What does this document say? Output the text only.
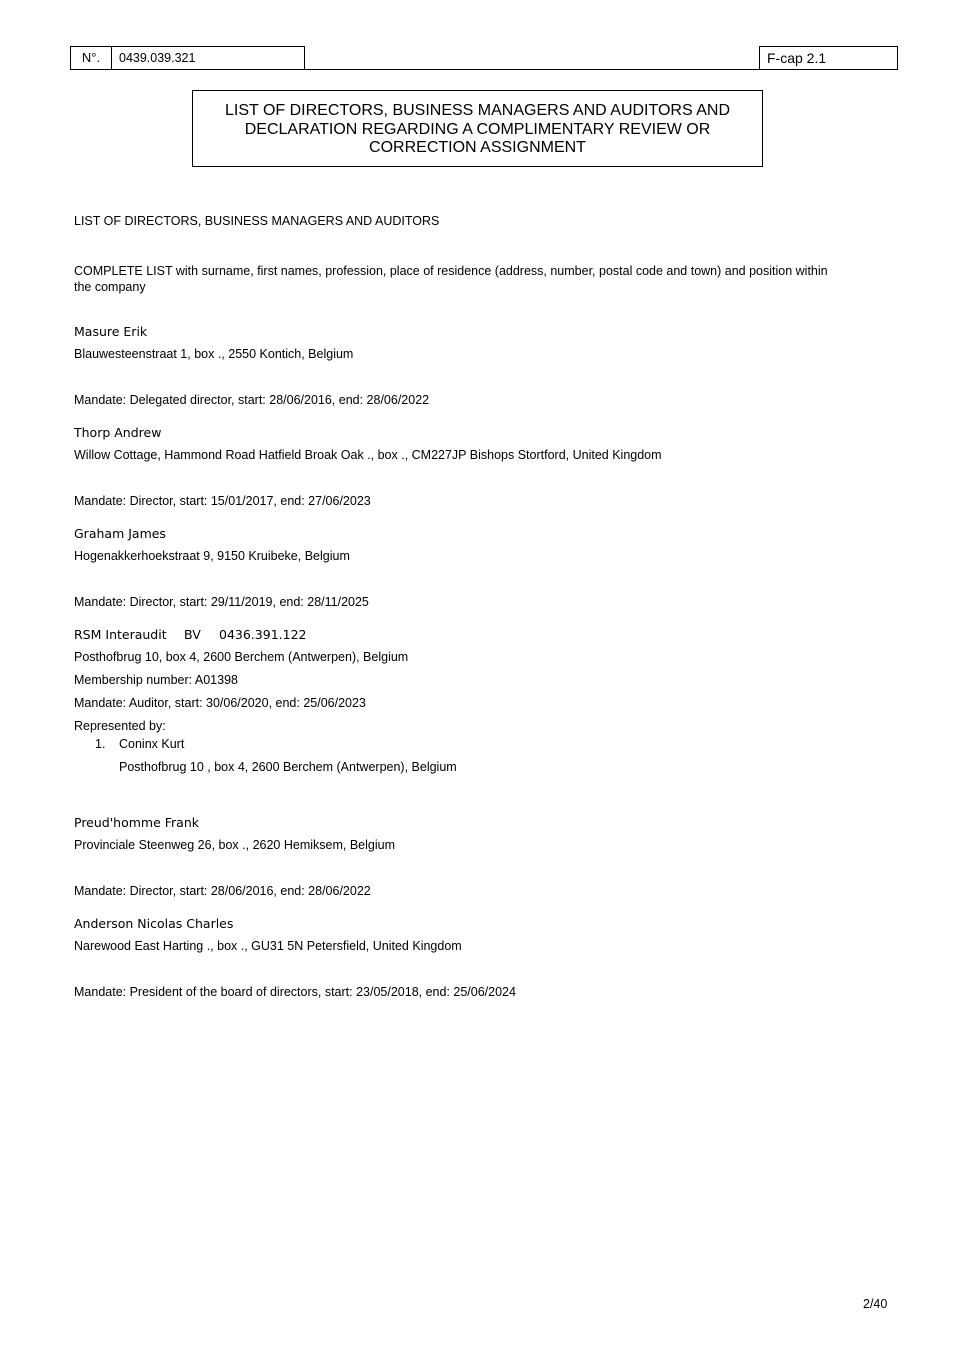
N°.	0439.039.321	F-cap 2.1
LIST OF DIRECTORS, BUSINESS MANAGERS AND AUDITORS AND
DECLARATION REGARDING A COMPLIMENTARY REVIEW OR
CORRECTION ASSIGNMENT
LIST OF DIRECTORS, BUSINESS MANAGERS AND AUDITORS
COMPLETE LIST with surname, first names, profession, place of residence (address, number, postal code and town) and position within the company
Masure Erik
Blauwesteenstraat 1, box ., 2550 Kontich, Belgium
Mandate: Delegated director, start: 28/06/2016, end: 28/06/2022
Thorp Andrew
Willow Cottage, Hammond Road Hatfield Broak Oak ., box ., CM227JP Bishops Stortford, United Kingdom
Mandate: Director, start: 15/01/2017, end: 27/06/2023
Graham James
Hogenakkerhoekstraat 9, 9150 Kruibeke, Belgium
Mandate: Director, start: 29/11/2019, end: 28/11/2025
RSM Interaudit BV 0436.391.122
Posthofbrug 10, box 4, 2600 Berchem (Antwerpen), Belgium
Membership number: A01398
Mandate: Auditor, start: 30/06/2020, end: 25/06/2023
Represented by:
1. Coninx Kurt
Posthofbrug 10 , box 4, 2600 Berchem (Antwerpen), Belgium
Preud'homme Frank
Provinciale Steenweg 26, box ., 2620 Hemiksem, Belgium
Mandate: Director, start: 28/06/2016, end: 28/06/2022
Anderson Nicolas Charles
Narewood East Harting ., box ., GU31 5N Petersfield, United Kingdom
Mandate: President of the board of directors, start: 23/05/2018, end: 25/06/2024
2/40
